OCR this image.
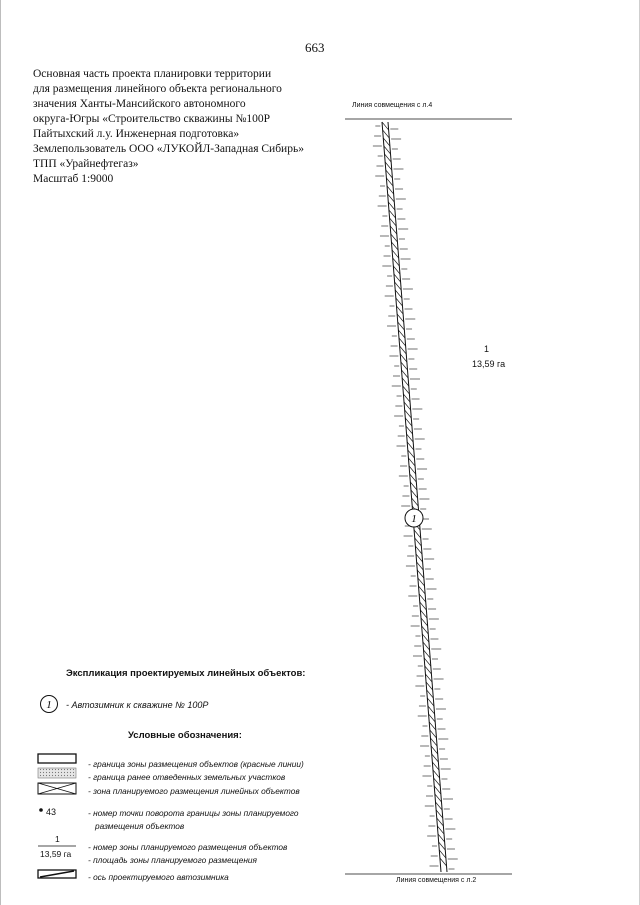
663
Основная часть проекта планировки территории
для размещения линейного объекта регионального
значения Ханты-Мансийского автономного
округа-Югры «Строительство скважины №100Р
Пайтыхский л.у. Инженерная подготовка»
Землепользователь ООО «ЛУКОЙЛ-Западная Сибирь»
ТПП «Урайнефтегаз»
Масштаб 1:9000
1
Линия совмещения с л.4
Линия совмещения с л.2
1
13,59 га
Экспликация проектируемых линейных объектов:
1 - Автозимник к скважине № 100Р
Условные обозначения:
- граница зоны размещения объектов (красные линии)
- граница ранее отведенных земельных участков
- зона планируемого размещения линейных объектов
- номер точки поворота границы зоны планируемого
размещения объектов
- номер зоны планируемого размещения объектов
- площадь зоны планируемого размещения
- ось проектируемого автозимника
43
1
13,59 га
